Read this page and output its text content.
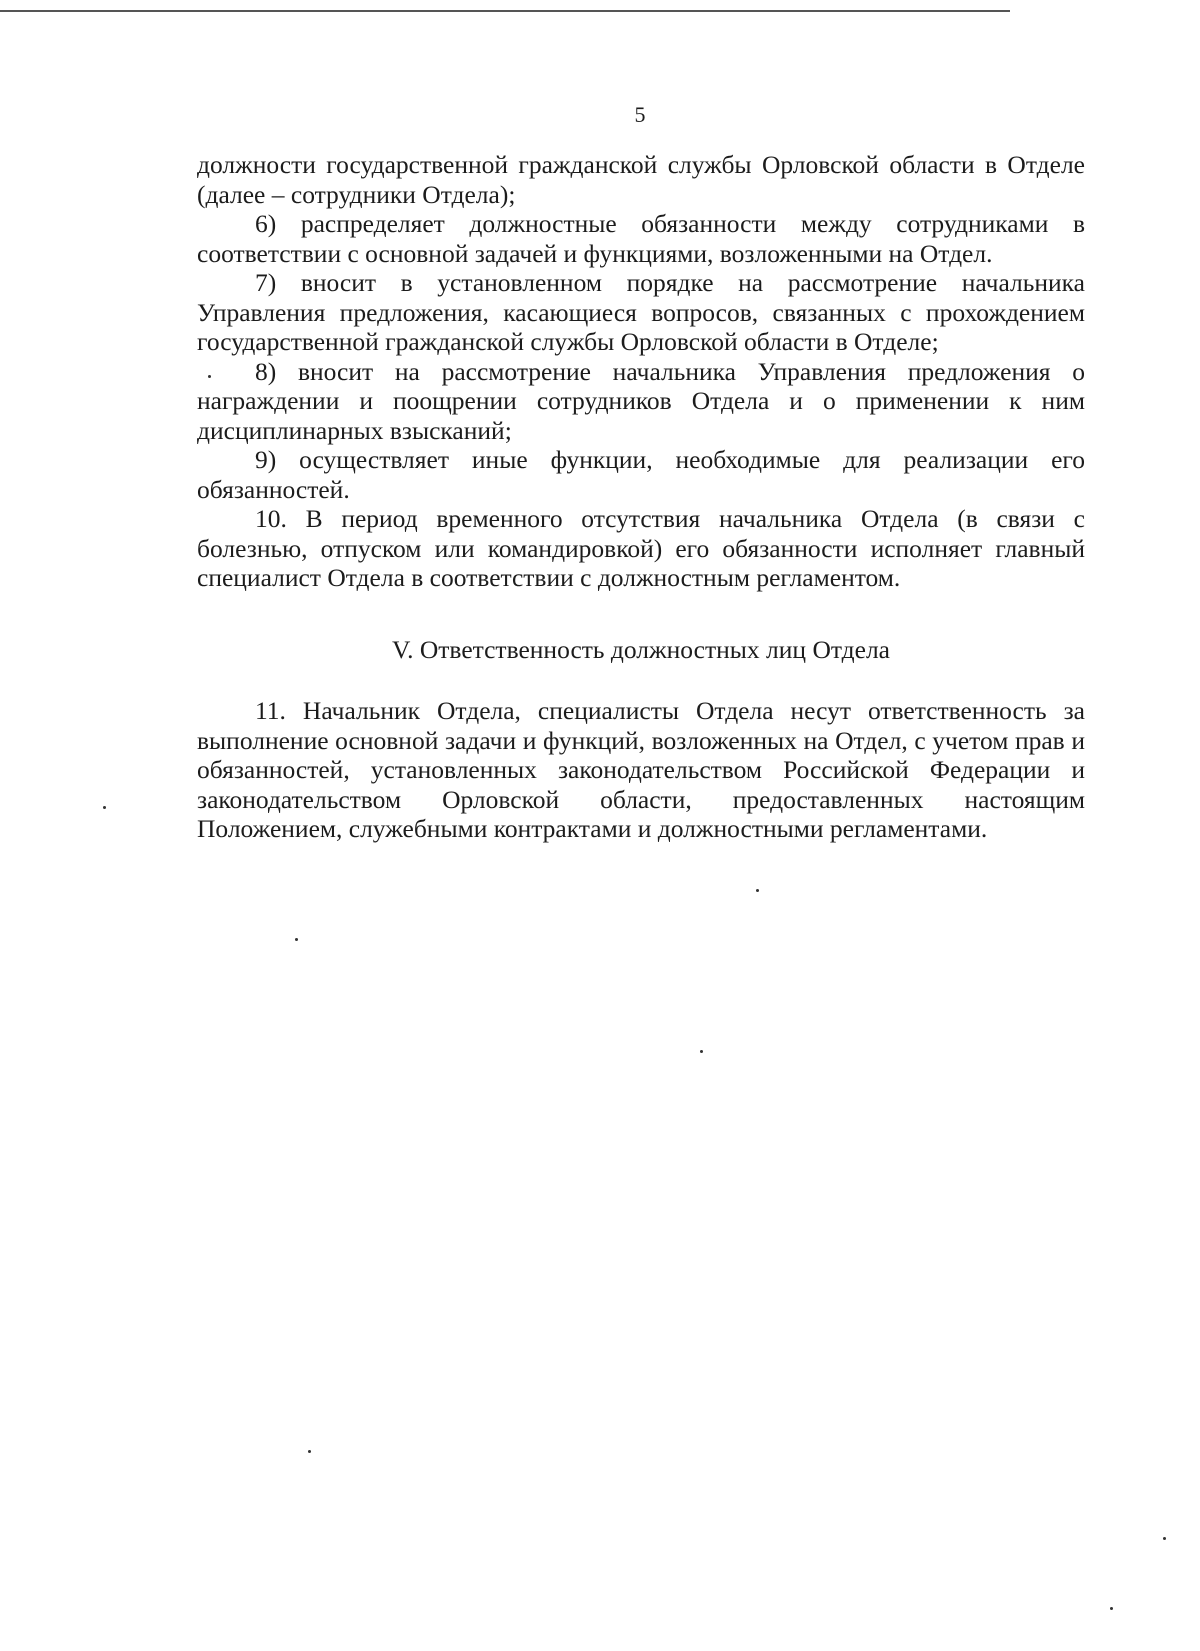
5

должности государственной гражданской службы Орловской области в Отделе (далее – сотрудники Отдела);

6) распределяет должностные обязанности между сотрудниками в соответствии с основной задачей и функциями, возложенными на Отдел.

7) вносит в установленном порядке на рассмотрение начальника Управления предложения, касающиеся вопросов, связанных с прохождением государственной гражданской службы Орловской области в Отделе;

8) вносит на рассмотрение начальника Управления предложения о награждении и поощрении сотрудников Отдела и о применении к ним дисциплинарных взысканий;

9) осуществляет иные функции, необходимые для реализации его обязанностей.

10. В период временного отсутствия начальника Отдела (в связи с болезнью, отпуском или командировкой) его обязанности исполняет главный специалист Отдела в соответствии с должностным регламентом.

V. Ответственность должностных лиц Отдела

11. Начальник Отдела, специалисты Отдела несут ответственность за выполнение основной задачи и функций, возложенных на Отдел, с учетом прав и обязанностей, установленных законодательством Российской Федерации и законодательством Орловской области, предоставленных настоящим Положением, служебными контрактами и должностными регламентами.
